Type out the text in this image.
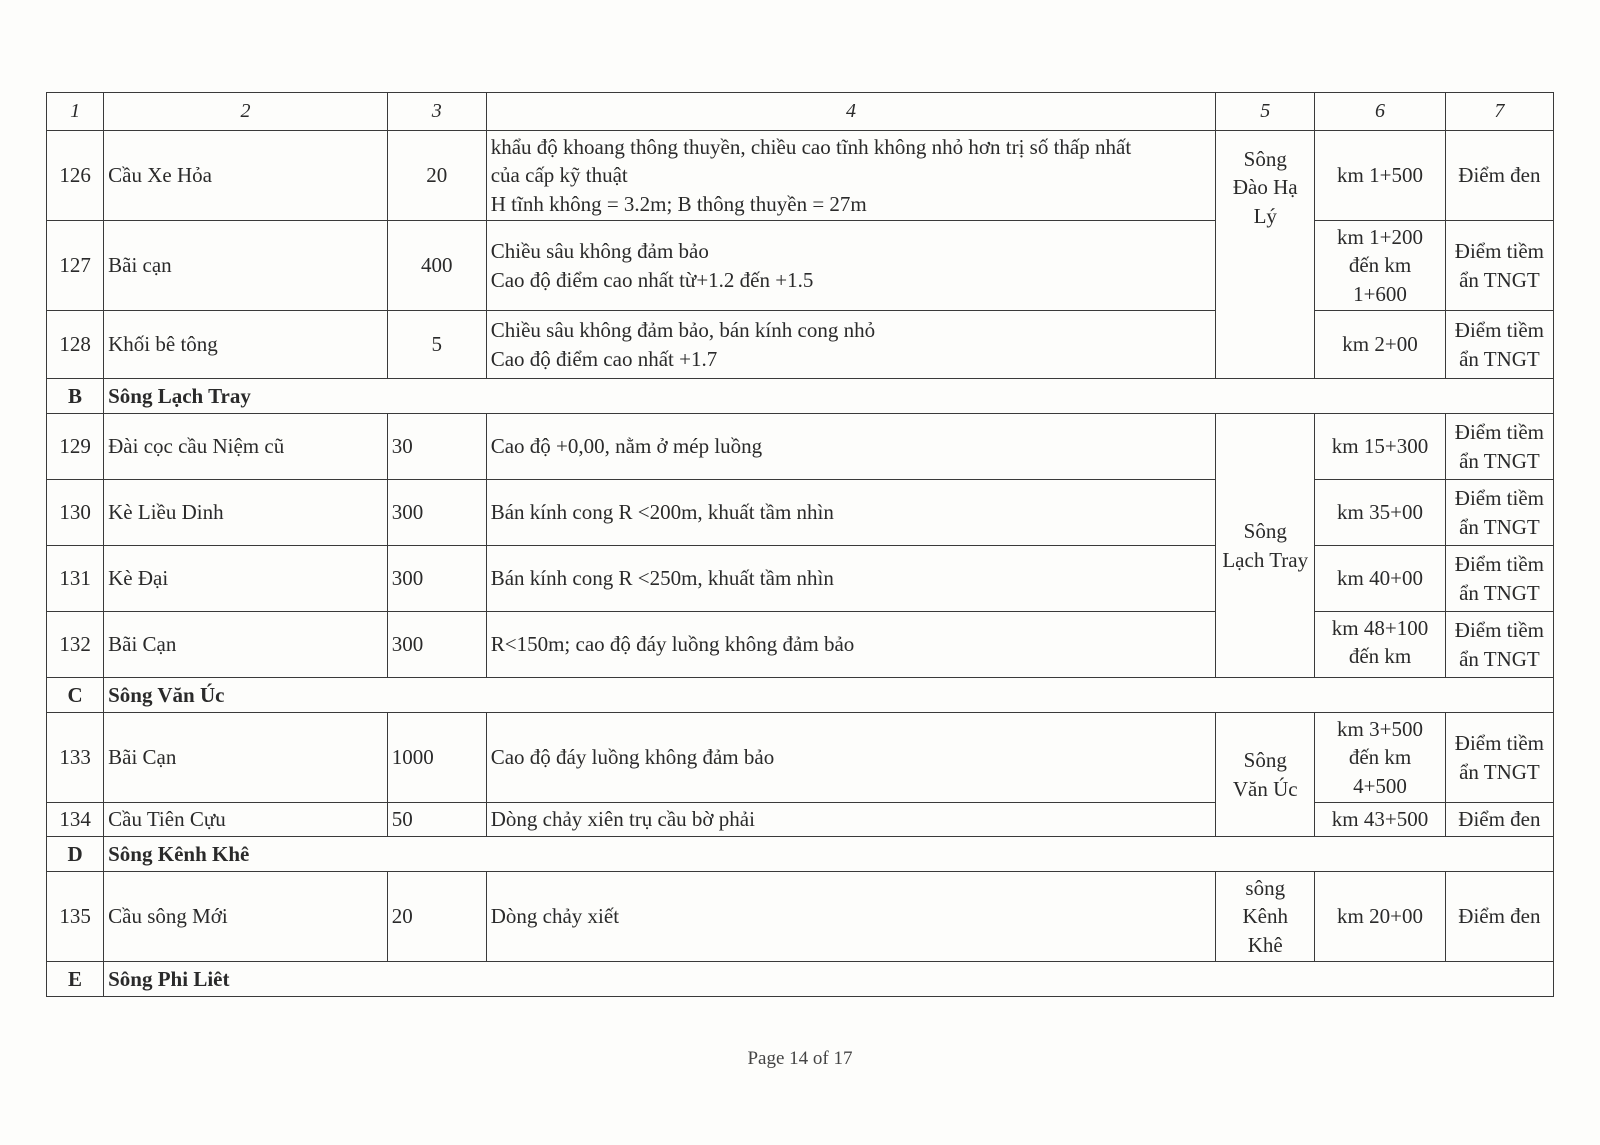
1	2	3	4	5	6	7
126	Cầu Xe Hỏa	20	khẩu độ khoang thông thuyền, chiều cao tĩnh không nhỏ hơn trị số thấp nhất
của cấp kỹ thuật
H tĩnh không = 3.2m; B thông thuyền = 27m	Sông
Đào Hạ
Lý	km 1+500	Điểm đen
127	Bãi cạn	400	Chiều sâu không đảm bảo
Cao độ điểm cao nhất từ+1.2 đến +1.5		km 1+200
đến km
1+600	Điểm tiềm
ẩn TNGT
128	Khối bê tông	5	Chiều sâu không đảm bảo, bán kính cong nhỏ
Cao độ điểm cao nhất +1.7		km 2+00	Điểm tiềm
ẩn TNGT
B	Sông Lạch Tray					
129	Đài cọc cầu Niệm cũ	30	Cao độ +0,00, nằm ở mép luồng	Sông
Lạch Tray	km 15+300	Điểm tiềm
ẩn TNGT
130	Kè Liều Dinh	300	Bán kính cong R <200m, khuất tầm nhìn		km 35+00	Điểm tiềm
ẩn TNGT
131	Kè Đại	300	Bán kính cong R <250m, khuất tầm nhìn		km 40+00	Điểm tiềm
ẩn TNGT
132	Bãi Cạn	300	R<150m; cao độ đáy luồng không đảm bảo		km 48+100
đến km	Điểm tiềm
ẩn TNGT
C	Sông Văn Úc					
133	Bãi Cạn	1000	Cao độ đáy luồng không đảm bảo	Sông
Văn Úc	km 3+500
đến km
4+500	Điểm tiềm
ẩn TNGT
134	Cầu Tiên Cựu	50	Dòng chảy xiên trụ cầu bờ phải		km 43+500	Điểm đen
D	Sông Kênh Khê					
135	Cầu sông Mới	20	Dòng chảy xiết	sông
Kênh
Khê	km 20+00	Điểm đen
E	Sông Phi Liêt					
Page 14 of 17
